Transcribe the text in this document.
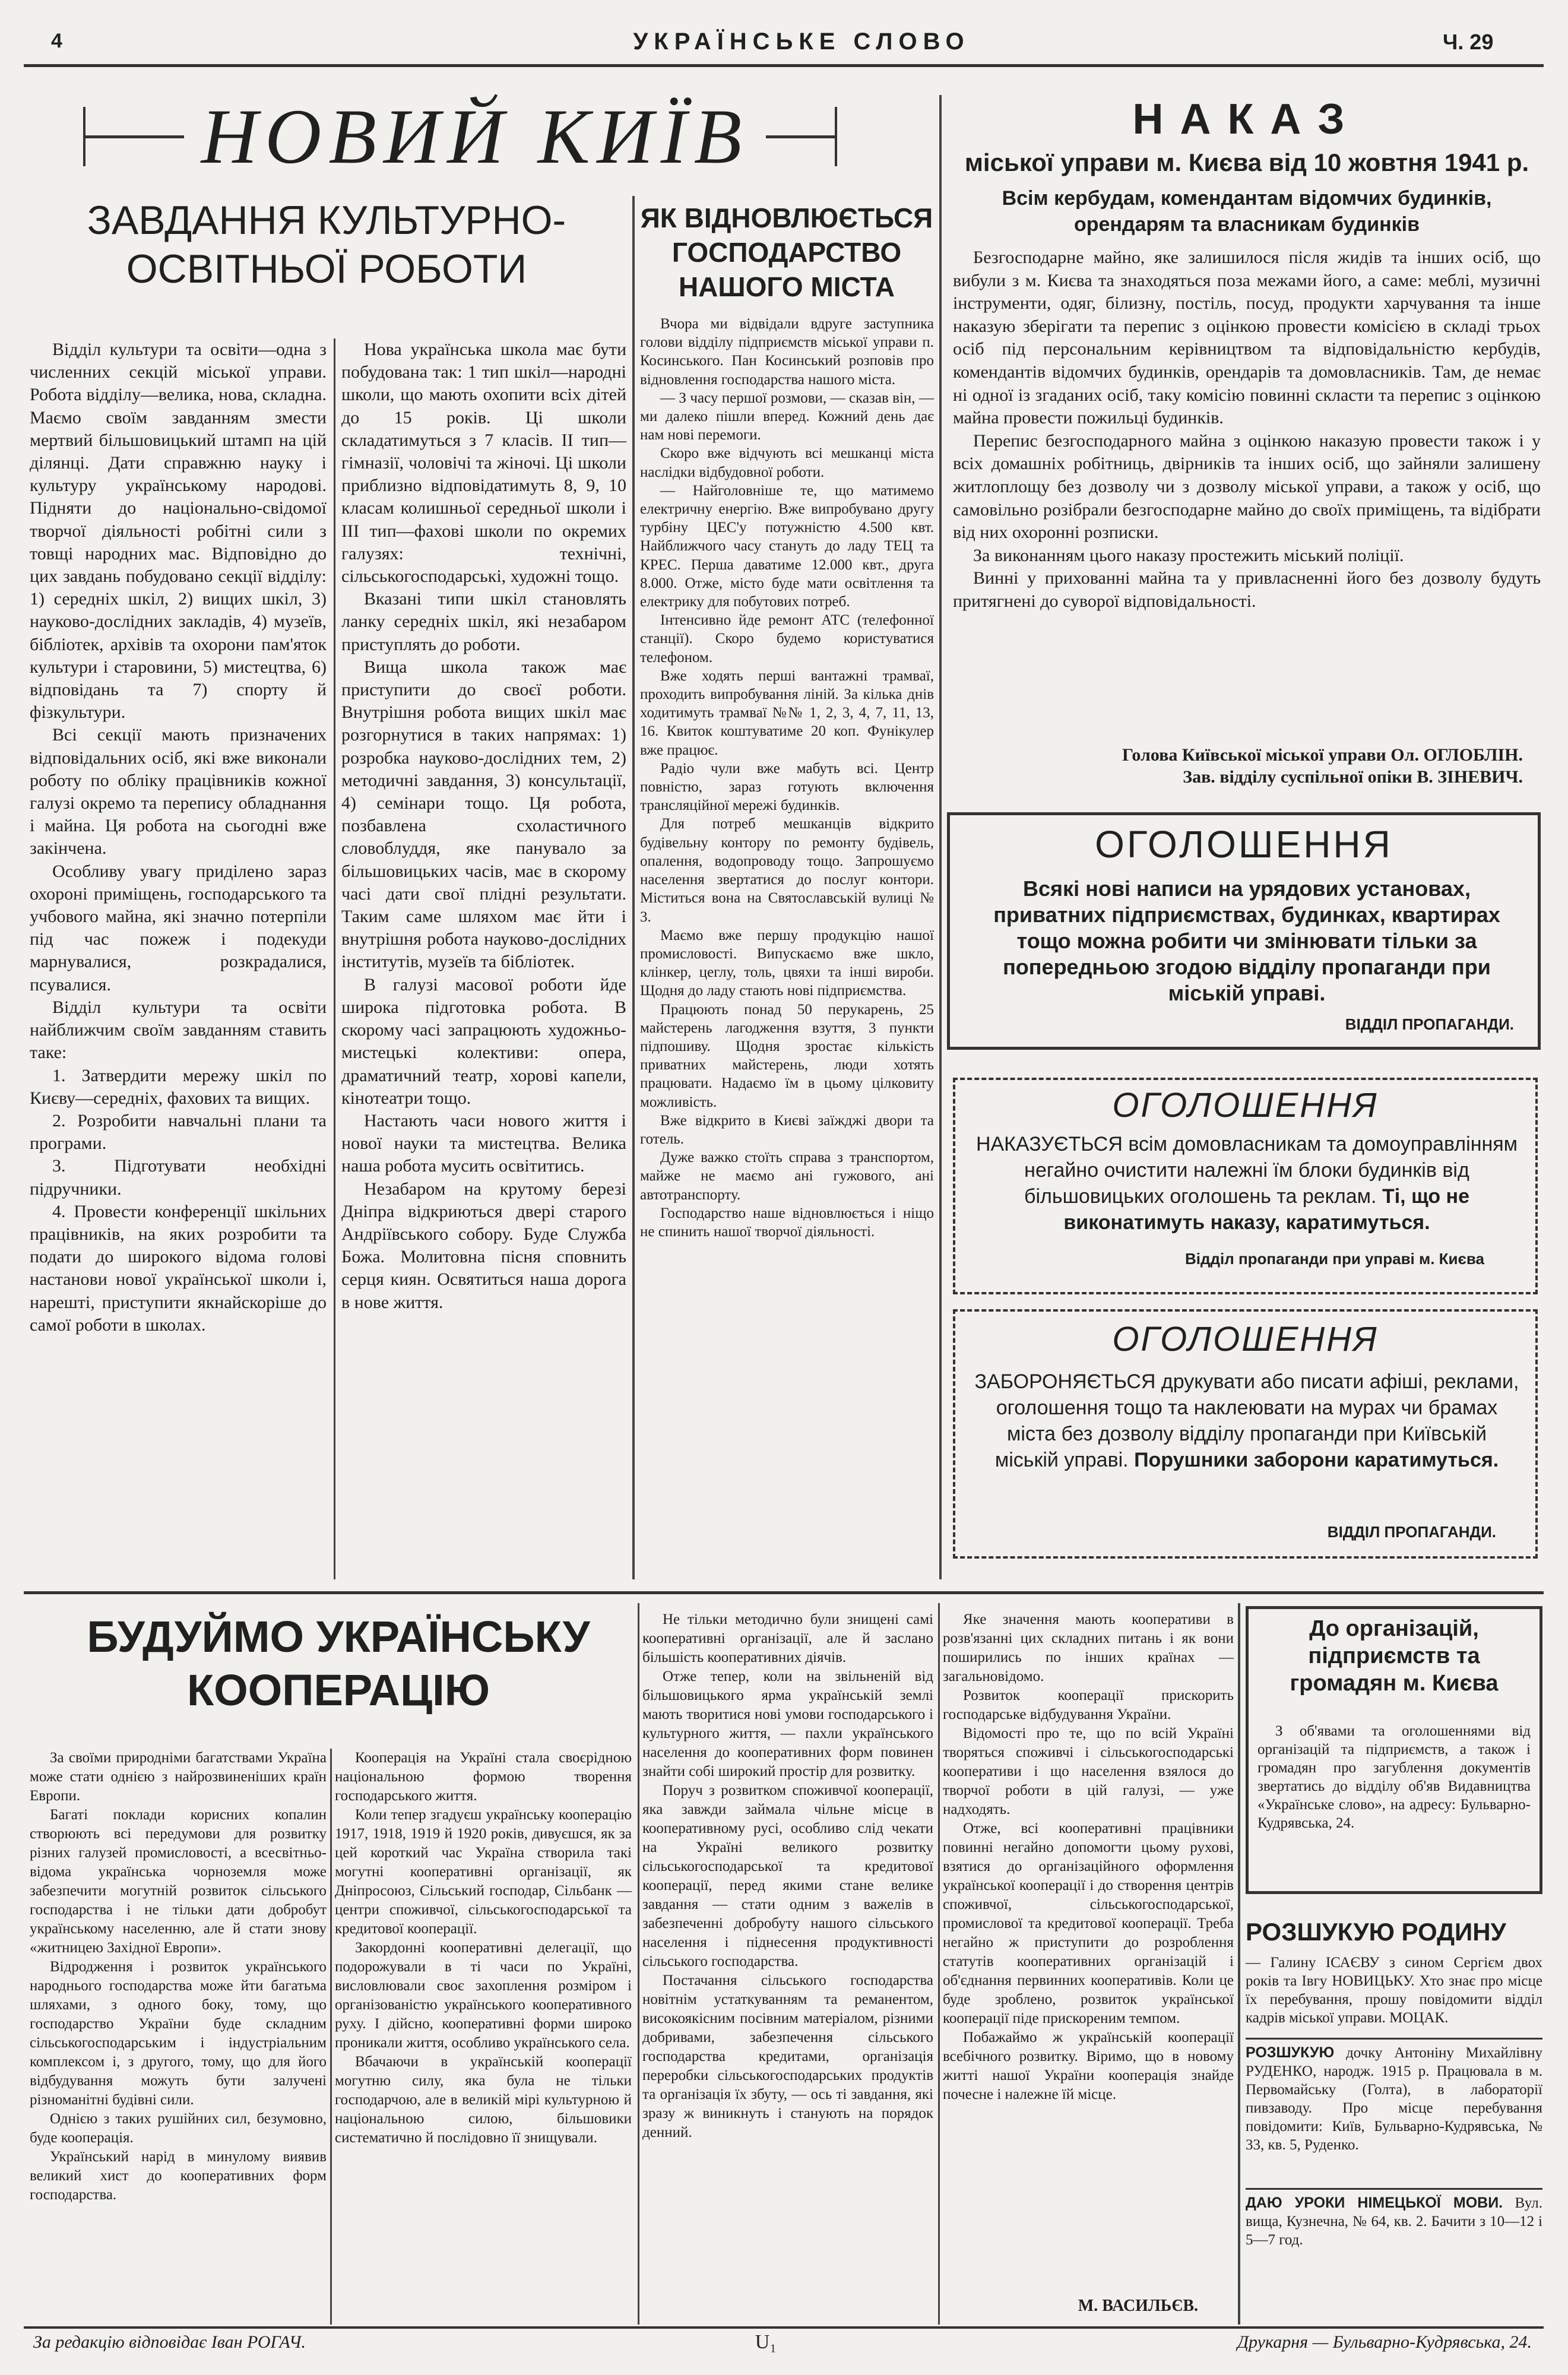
4	УКРАЇНСЬКЕ СЛОВО	Ч. 29
НОВИЙ КИЇВ
ЗАВДАННЯ КУЛЬТУРНО-ОСВІТНЬОЇ РОБОТИ

Відділ культури та освіти—одна з численних секцій міської управи. Робота відділу—велика, нова, складна. Маємо своїм завданням змести мертвий більшовицький штамп на цій ділянці. Дати справжню науку і культуру українському народові. Підняти до національно-свідомої творчої діяльності робітні сили з товщі народних мас. Відповідно до цих завдань побудовано секції відділу: 1) середніх шкіл, 2) вищих шкіл, 3) науково-дослідних закладів, 4) музеїв, бібліотек, архівів та охорони пам'яток культури і старовини, 5) мистецтва, 6) відповідань та 7) спорту й фізкультури.

Всі секції мають призначених відповідальних осіб, які вже виконали роботу по обліку працівників кожної галузі окремо та перепису обладнання і майна. Ця робота на сьогодні вже закінчена.

Особливу увагу приділено зараз охороні приміщень, господарського та учбового майна, які значно потерпіли під час пожеж і подекуди марнувалися, розкрадалися, псувалися.

Відділ культури та освіти найближчим своїм завданням ставить таке:

1. Затвердити мережу шкіл по Києву—середніх, фахових та вищих.

2. Розробити навчальні плани та програми.

3. Підготувати необхідні підручники.

4. Провести конференції шкільних працівників, на яких розробити та подати до широкого відома голові настанови нової української школи і, нарешті, приступити якнайскоріше до самої роботи в школах.

Нова українська школа має бути побудована так: 1 тип шкіл—народні школи, що мають охопити всіх дітей до 15 років. Ці школи складатимуться з 7 класів. II тип—гімназії, чоловічі та жіночі. Ці школи приблизно відповідатимуть 8, 9, 10 класам колишньої середньої школи і III тип—фахові школи по окремих галузях: технічні, сільськогосподарські, художні тощо.

Вказані типи шкіл становлять ланку середніх шкіл, які незабаром приступлять до роботи.

Вища школа також має приступити до своєї роботи. Внутрішня робота вищих шкіл має розгорнутися в таких напрямах: 1) розробка науково-дослідних тем, 2) методичні завдання, 3) консультації, 4) семінари тощо. Ця робота, позбавлена схоластичного словоблуддя, яке панувало за більшовицьких часів, має в скорому часі дати свої плідні результати. Таким саме шляхом має йти і внутрішня робота науково-дослідних інститутів, музеїв та бібліотек.

В галузі масової роботи йде широка підготовка робота. В скорому часі запрацюють художньо-мистецькі колективи: опера, драматичний театр, хорові капели, кінотеатри тощо.

Настають часи нового життя і нової науки та мистецтва. Велика наша робота мусить освітитись.

Незабаром на крутому березі Дніпра відкриються двері старого Андріївського собору. Буде Служба Божа. Молитовна пісня сповнить серця киян. Освятиться наша дорога в нове життя.

ЯК ВІДНОВЛЮЄТЬСЯ ГОСПОДАРСТВО НАШОГО МІСТА

Вчора ми відвідали вдруге заступника голови відділу підприємств міської управи п. Косинського. Пан Косинський розповів про відновлення господарства нашого міста.

— З часу першої розмови, — сказав він, — ми далеко пішли вперед. Кожний день дає нам нові перемоги.

Скоро вже відчують всі мешканці міста наслідки відбудовної роботи.

— Найголовніше те, що матимемо електричну енергію. Вже випробувано другу турбіну ЦЕС'у потужністю 4.500 квт. Найближчого часу стануть до ладу ТЕЦ та КРЕС. Перша даватиме 12.000 квт., друга 8.000. Отже, місто буде мати освітлення та електрику для побутових потреб.

Інтенсивно йде ремонт АТС (телефонної станції). Скоро будемо користуватися телефоном.

Вже ходять перші вантажні трамваї, проходить випробування ліній. За кілька днів ходитимуть трамваї №№ 1, 2, 3, 4, 7, 11, 13, 16. Квиток коштуватиме 20 коп. Фунікулер вже працює.

Радіо чули вже мабуть всі. Центр повністю, зараз готують включення трансляційної мережі будинків.

Для потреб мешканців відкрито будівельну контору по ремонту будівель, опалення, водопроводу тощо. Запрошуємо населення звертатися до послуг контори. Міститься вона на Святославській вулиці № 3.

Маємо вже першу продукцію нашої промисловості. Випускаємо вже шкло, клінкер, цеглу, толь, цвяхи та інші вироби. Щодня до ладу стають нові підприємства.

Працюють понад 50 перукарень, 25 майстерень лагодження взуття, 3 пункти підпошиву. Щодня зростає кількість приватних майстерень, люди хотять працювати. Надаємо їм в цьому цілковиту можливість.

Вже відкрито в Києві заїжджі двори та готель.

Дуже важко стоїть справа з транспортом, майже не маємо ані гужового, ані автотранспорту.

Господарство наше відновлюється і ніщо не спинить нашої творчої діяльності.

НАКАЗ
міської управи м. Києва від 10 жовтня 1941 р.
Всім кербудам, комендантам відомчих будинків, орендарям та власникам будинків

Безгосподарне майно, яке залишилося після жидів та інших осіб, що вибули з м. Києва та знаходяться поза межами його, а саме: меблі, музичні інструменти, одяг, білизну, постіль, посуд, продукти харчування та інше наказую зберігати та перепис з оцінкою провести комісією в складі трьох осіб під персональним керівництвом та відповідальністю кербудів, комендантів відомчих будинків, орендарів та домовласників. Там, де немає ні одної із згаданих осіб, таку комісію повинні скласти та перепис з оцінкою майна провести пожильці будинків.

Перепис безгосподарного майна з оцінкою наказую провести також і у всіх домашніх робітниць, двірників та інших осіб, що зайняли залишену житлоплощу без дозволу чи з дозволу міської управи, а також у осіб, що самовільно розібрали безгосподарне майно до своїх приміщень, та відібрати від них охоронні розписки.

За виконанням цього наказу простежить міський поліції.

Винні у прихованні майна та у привласненні його без дозволу будуть притягнені до суворої відповідальності.

Голова Київської міської управи Ол. ОГЛОБЛІН.
Зав. відділу суспільної опіки В. ЗІНЕВИЧ.
ОГОЛОШЕННЯ
Всякі нові написи на урядових установах, приватних підприємствах, будинках, квартирах тощо можна робити чи змінювати тільки за попередньою згодою відділу пропаганди при міській управі.
ВІДДІЛ ПРОПАГАНДИ.
ОГОЛОШЕННЯ
НАКАЗУЄТЬСЯ всім домовласникам та домоуправлінням негайно очистити належні їм блоки будинків від більшовицьких оголошень та реклам. Ті, що не виконатимуть наказу, каратимуться.
Відділ пропаганди при управі м. Києва
ОГОЛОШЕННЯ
ЗАБОРОНЯЄТЬСЯ друкувати або писати афіші, реклами, оголошення тощо та наклеювати на мурах чи брамах міста без дозволу відділу пропаганди при Київській міській управі. Порушники заборони каратимуться.
ВІДДІЛ ПРОПАГАНДИ.
БУДУЙМО УКРАЇНСЬКУ
КООПЕРАЦІЮ

За своїми природніми багатствами Україна може стати однією з найрозвиненіших країн Европи.

Багаті поклади корисних копалин створюють всі передумови для розвитку різних галузей промисловості, а всесвітньо-відома українська чорноземля може забезпечити могутній розвиток сільського господарства і не тільки дати добробут українському населенню, але й стати знову «житницею Західної Европи».

Відродження і розвиток українського народнього господарства може йти багатьма шляхами, з одного боку, тому, що господарство України буде складним сільськогосподарським і індустріальним комплексом і, з другого, тому, що для його відбудування можуть бути залучені різноманітні будівні сили.

Однією з таких рушійних сил, безумовно, буде кооперація.

Український нарід в минулому виявив великий хист до кооперативних форм господарства.

Кооперація на Україні стала своєрідною національною формою творення господарського життя.

Коли тепер згадуєш українську кооперацію 1917, 1918, 1919 й 1920 років, дивуєшся, як за цей короткий час Україна створила такі могутні кооперативні організації, як Дніпросоюз, Сільський господар, Сільбанк — центри споживчої, сільськогосподарської та кредитової кооперації.

Закордонні кооперативні делегації, що подорожували в ті часи по Україні, висловлювали своє захоплення розміром і організованістю українського кооперативного руху. І дійсно, кооперативні форми широко проникали життя, особливо українського села.

Вбачаючи в українській кооперації могутню силу, яка була не тільки господарчою, але в великій мірі культурною й національною силою, більшовики систематично й послідовно її знищували.

Не тільки методично були знищені самі кооперативні організації, але й заслано більшість кооперативних діячів.

Отже тепер, коли на звільненій від більшовицького ярма українській землі мають творитися нові умови господарського і культурного життя, — пахли українського населення до кооперативних форм повинен знайти собі широкий простір для розвитку.

Поруч з розвитком споживчої кооперації, яка завжди займала чільне місце в кооперативному русі, особливо слід чекати на Україні великого розвитку сільськогосподарської та кредитової кооперації, перед якими стане велике завдання — стати одним з важелів в забезпеченні добробуту нашого сільського населення і піднесення продуктивності сільського господарства.

Постачання сільського господарства новітнім устаткуванням та реманентом, високоякісним посівним матеріалом, різними добривами, забезпечення сільського господарства кредитами, організація переробки сільськогосподарських продуктів та організація їх збуту, — ось ті завдання, які зразу ж виникнуть і станують на порядок денний.

Яке значення мають кооперативи в розв'язанні цих складних питань і як вони поширились по інших країнах — загальновідомо.

Розвиток кооперації прискорить господарське відбудування України.

Відомості про те, що по всій Україні творяться споживчі і сільськогосподарські кооперативи і що населення взялося до творчої роботи в цій галузі, — уже надходять.

Отже, всі кооперативні працівники повинні негайно допомогти цьому рухові, взятися до організаційного оформлення української кооперації і до створення центрів споживчої, сільськогосподарської, промислової та кредитової кооперації. Треба негайно ж приступити до розроблення статутів кооперативних організацій і об'єднання первинних кооперативів. Коли це буде зроблено, розвиток української кооперації піде прискореним темпом.

Побажаймо ж українській кооперації всебічного розвитку. Віримо, що в новому житті нашої України кооперація знайде почесне і належне їй місце.

М. ВАСИЛЬЄВ.
До організацій, підприємств та громадян м. Києва
З об'явами та оголошеннями від організацій та підприємств, а також і громадян про загублення документів звертатись до відділу об'яв Видавництва «Українське слово», на адресу: Бульварно-Кудрявська, 24.
РОЗШУКУЮ РОДИНУ
— Галину ІСАЄВУ з сином Сергієм двох років та Івгу НОВИЦЬКУ. Хто знає про місце їх перебування, прошу повідомити відділ кадрів міської управи. МОЦАК.
РОЗШУКУЮ дочку Антоніну Михайлівну РУДЕНКО, народж. 1915 р. Працювала в м. Первомайську (Голта), в лабораторії пивзаводу. Про місце перебування повідомити: Київ, Бульварно-Кудрявська, № 33, кв. 5, Руденко.
ДАЮ УРОКИ НІМЕЦЬКОЇ МОВИ. Вул. вища, Кузнечна, № 64, кв. 2. Бачити з 10—12 і 5—7 год.
За редакцію відповідає Іван РОГАЧ.	U₁	Друкарня — Бульварно-Кудрявська, 24.
